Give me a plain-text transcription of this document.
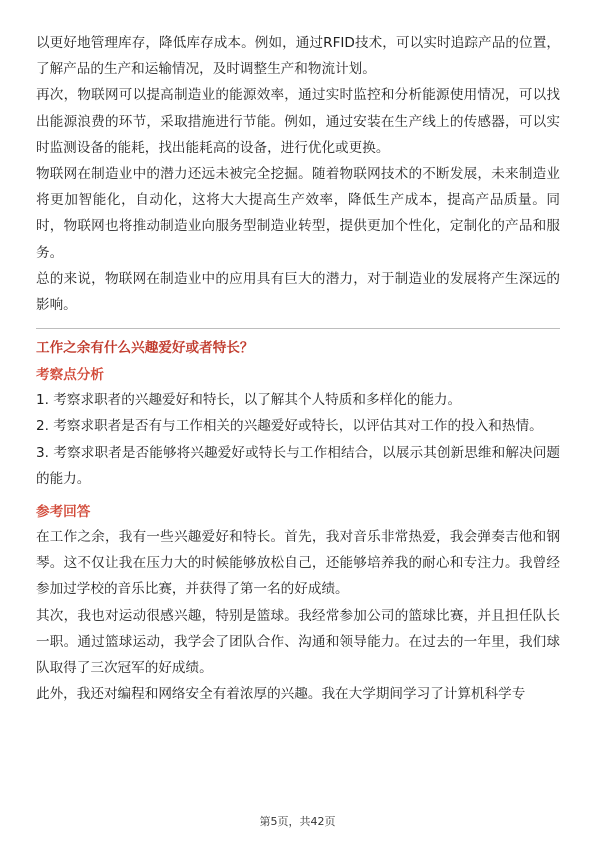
以更好地管理库存，降低库存成本。例如，通过RFID技术，可以实时追踪产品的位置，了解产品的生产和运输情况，及时调整生产和物流计划。

再次，物联网可以提高制造业的能源效率，通过实时监控和分析能源使用情况，可以找出能源浪费的环节，采取措施进行节能。例如，通过安装在生产线上的传感器，可以实时监测设备的能耗，找出能耗高的设备，进行优化或更换。

物联网在制造业中的潜力还远未被完全挖掘。随着物联网技术的不断发展，未来制造业将更加智能化，自动化，这将大大提高生产效率，降低生产成本，提高产品质量。同时，物联网也将推动制造业向服务型制造业转型，提供更加个性化，定制化的产品和服务。

总的来说，物联网在制造业中的应用具有巨大的潜力，对于制造业的发展将产生深远的影响。

工作之余有什么兴趣爱好或者特长？

考察点分析

1. 考察求职者的兴趣爱好和特长，以了解其个人特质和多样化的能力。
2. 考察求职者是否有与工作相关的兴趣爱好或特长，以评估其对工作的投入和热情。
3. 考察求职者是否能够将兴趣爱好或特长与工作相结合，以展示其创新思维和解决问题的能力。

参考回答

在工作之余，我有一些兴趣爱好和特长。首先，我对音乐非常热爱，我会弹奏吉他和钢琴。这不仅让我在压力大的时候能够放松自己，还能够培养我的耐心和专注力。我曾经参加过学校的音乐比赛，并获得了第一名的好成绩。

其次，我也对运动很感兴趣，特别是篮球。我经常参加公司的篮球比赛，并且担任队长一职。通过篮球运动，我学会了团队合作、沟通和领导能力。在过去的一年里，我们球队取得了三次冠军的好成绩。

此外，我还对编程和网络安全有着浓厚的兴趣。我在大学期间学习了计算机科学专

第5页，共42页
